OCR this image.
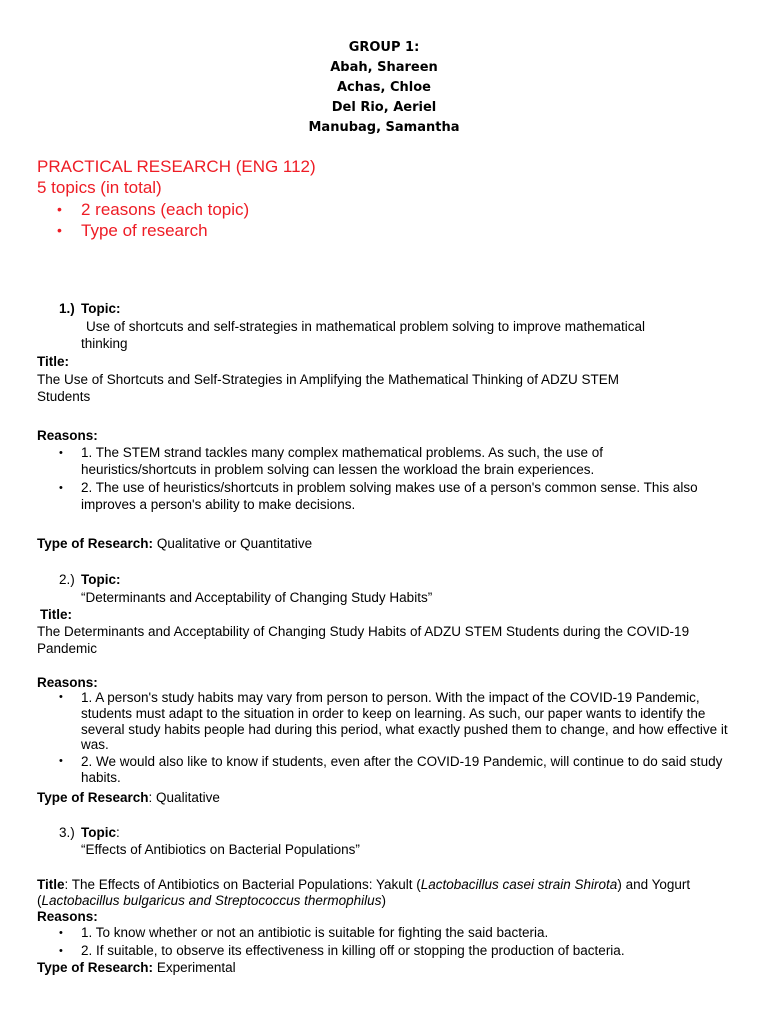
GROUP 1:
Abah, Shareen
Achas, Chloe
Del Rio, Aeriel
Manubag, Samantha
PRACTICAL RESEARCH (ENG 112)
5 topics (in total)
• 2 reasons (each topic)
• Type of research
1.) Topic:
Use of shortcuts and self-strategies in mathematical problem solving to improve mathematical
thinking
Title:
The Use of Shortcuts and Self-Strategies in Amplifying the Mathematical Thinking of ADZU STEM
Students
Reasons:
• 1. The STEM strand tackles many complex mathematical problems. As such, the use of heuristics/shortcuts in problem solving can lessen the workload the brain experiences.
• 2. The use of heuristics/shortcuts in problem solving makes use of a person's common sense. This also improves a person's ability to make decisions.
Type of Research: Qualitative or Quantitative
2.) Topic:
“Determinants and Acceptability of Changing Study Habits”
Title:
The Determinants and Acceptability of Changing Study Habits of ADZU STEM Students during the COVID-19
Pandemic
Reasons:
• 1. A person's study habits may vary from person to person. With the impact of the COVID-19 Pandemic, students must adapt to the situation in order to keep on learning. As such, our paper wants to identify the several study habits people had during this period, what exactly pushed them to change, and how effective it was.
• 2. We would also like to know if students, even after the COVID-19 Pandemic, will continue to do said study habits.
Type of Research: Qualitative
3.) Topic:
“Effects of Antibiotics on Bacterial Populations”
Title: The Effects of Antibiotics on Bacterial Populations: Yakult (Lactobacillus casei strain Shirota) and Yogurt
(Lactobacillus bulgaricus and Streptococcus thermophilus)
Reasons:
• 1. To know whether or not an antibiotic is suitable for fighting the said bacteria.
• 2. If suitable, to observe its effectiveness in killing off or stopping the production of bacteria.
Type of Research: Experimental
